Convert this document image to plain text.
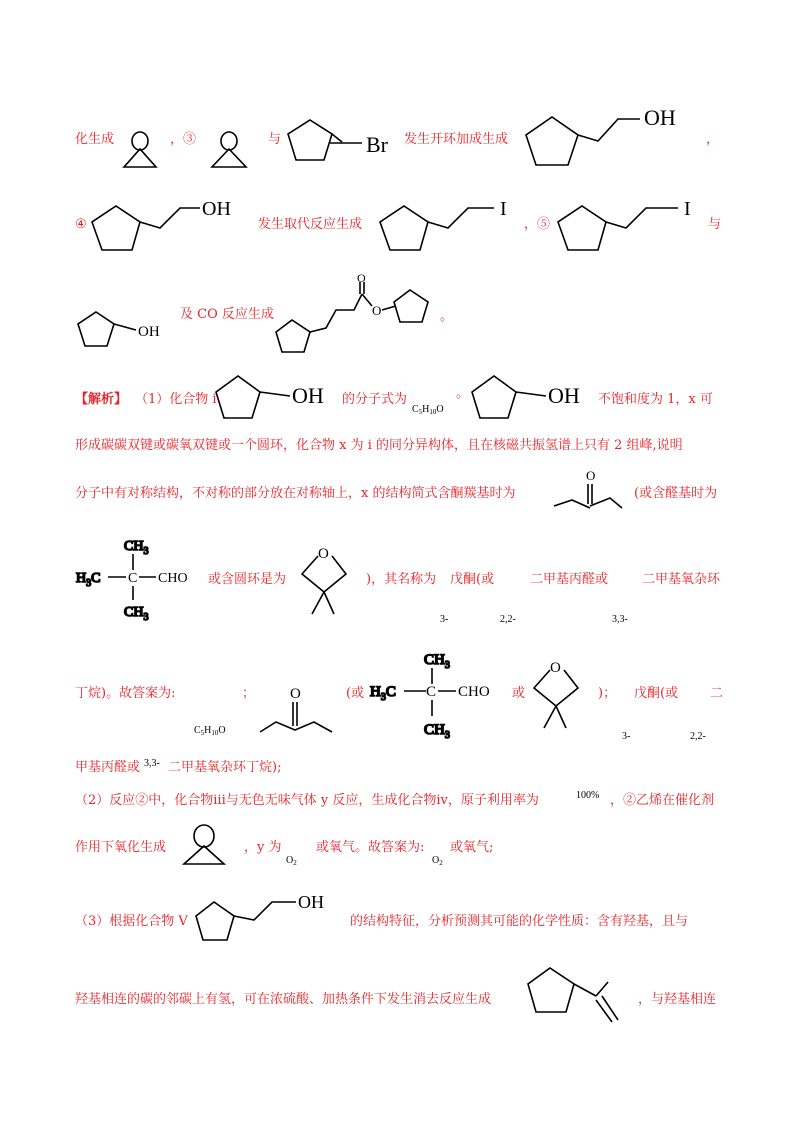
化生成	，③	与	Br 发生开环加成生成
OH
，
④
OH
发生取代反应生成
I
，⑤
I
与
OH
及 CO 反应生成
O
O	。
【解析】 （1）化合物 i	OH 的分子式为
$C_5H_{10}O$
。	OH 不饱和度为 1，x 可
形成碳碳双键或碳氧双键或一个圆环，化合物 x 为 i 的同分异构体，且在核磁共振氢谱上只有 2 组峰,说明
分子中有对称结构，不对称的部分放在对称轴上，x 的结构简式含酮羰基时为
O
(或含醛基时为
$CH_3$
$H_3C$ C CHO
$CH_3$
或含圆环是为
O
)，其名称为 戊酮(或	二甲基丙醛或	二甲基氧杂环
3-	2,2-	3,3-
丁烷)。故答案为:	；
$C_5H_{10}O$
O	(或
$CH_3$
$H_3C$ C CHO
$CH_3$
或
O
)； 戊酮(或 二
3-	2,2-
甲基丙醛或 3,3- 二甲基氧杂环丁烷);
（2）反应②中，化合物iii与无色无味气体 y 反应，生成化合物iv，原子利用率为	100% ，②乙烯在催化剂
作用下氧化生成	，y 为	或氧气。故答案为: 或氧气;
$O_2$	$O_2$
（3）根据化合物 V
OH
的结构特征，分析预测其可能的化学性质：含有羟基，且与
羟基相连的碳的邻碳上有氢，可在浓硫酸、加热条件下发生消去反应生成	，与羟基相连
